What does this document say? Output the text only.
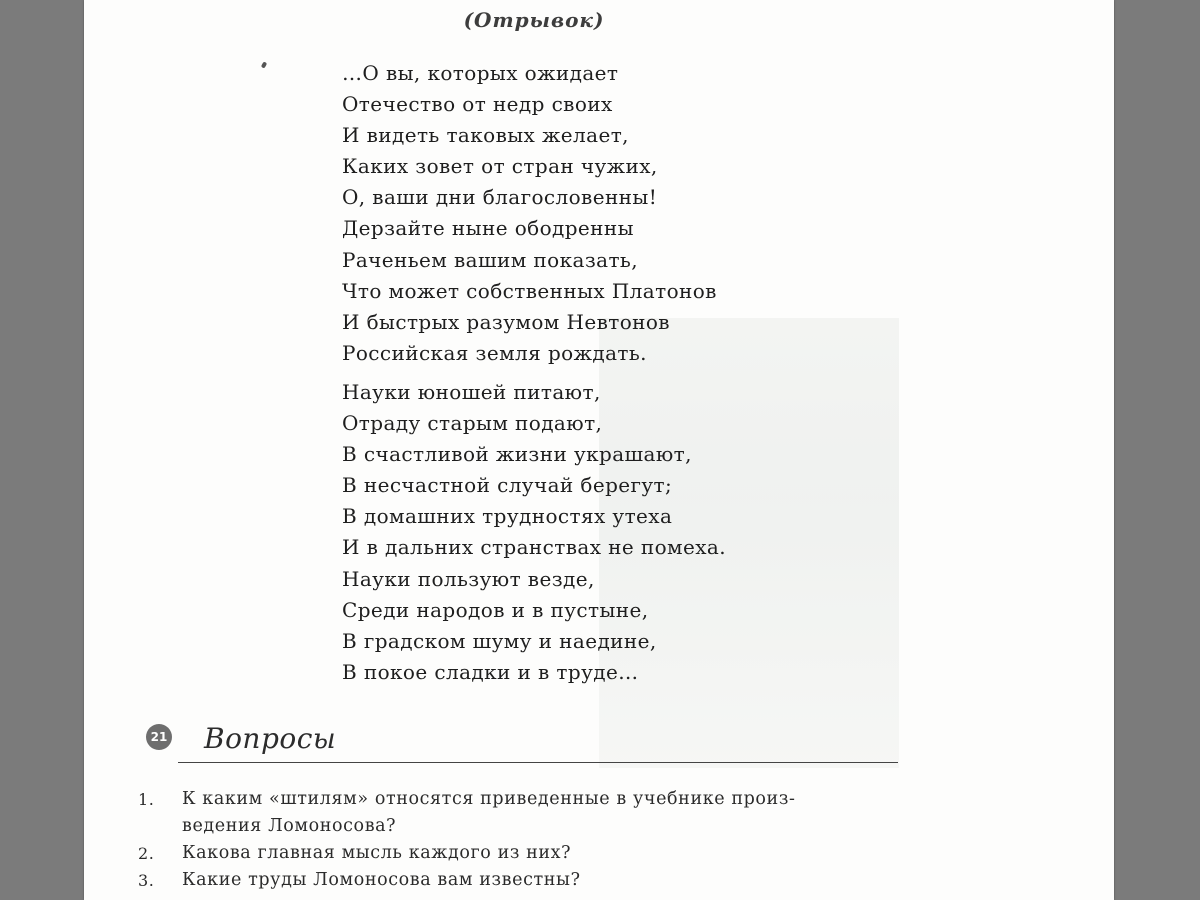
(Отрывок)
…О вы, которых ожидает
Отечество от недр своих
И видеть таковых желает,
Каких зовет от стран чужих,
О, ваши дни благословенны!
Дерзайте ныне ободренны
Раченьем вашим показать,
Что может собственных Платонов
И быстрых разумом Невтонов
Российская земля рождать.
Науки юношей питают,
Отраду старым подают,
В счастливой жизни украшают,
В несчастной случай берегут;
В домашних трудностях утеха
И в дальних странствах не помеха.
Науки пользуют везде,
Среди народов и в пустыне,
В градском шуму и наедине,
В покое сладки и в труде…
21 Вопросы
1. К каким «штилям» относятся приведенные в учебнике произ-
ведения Ломоносова?
2. Какова главная мысль каждого из них?
3. Какие труды Ломоносова вам известны?
